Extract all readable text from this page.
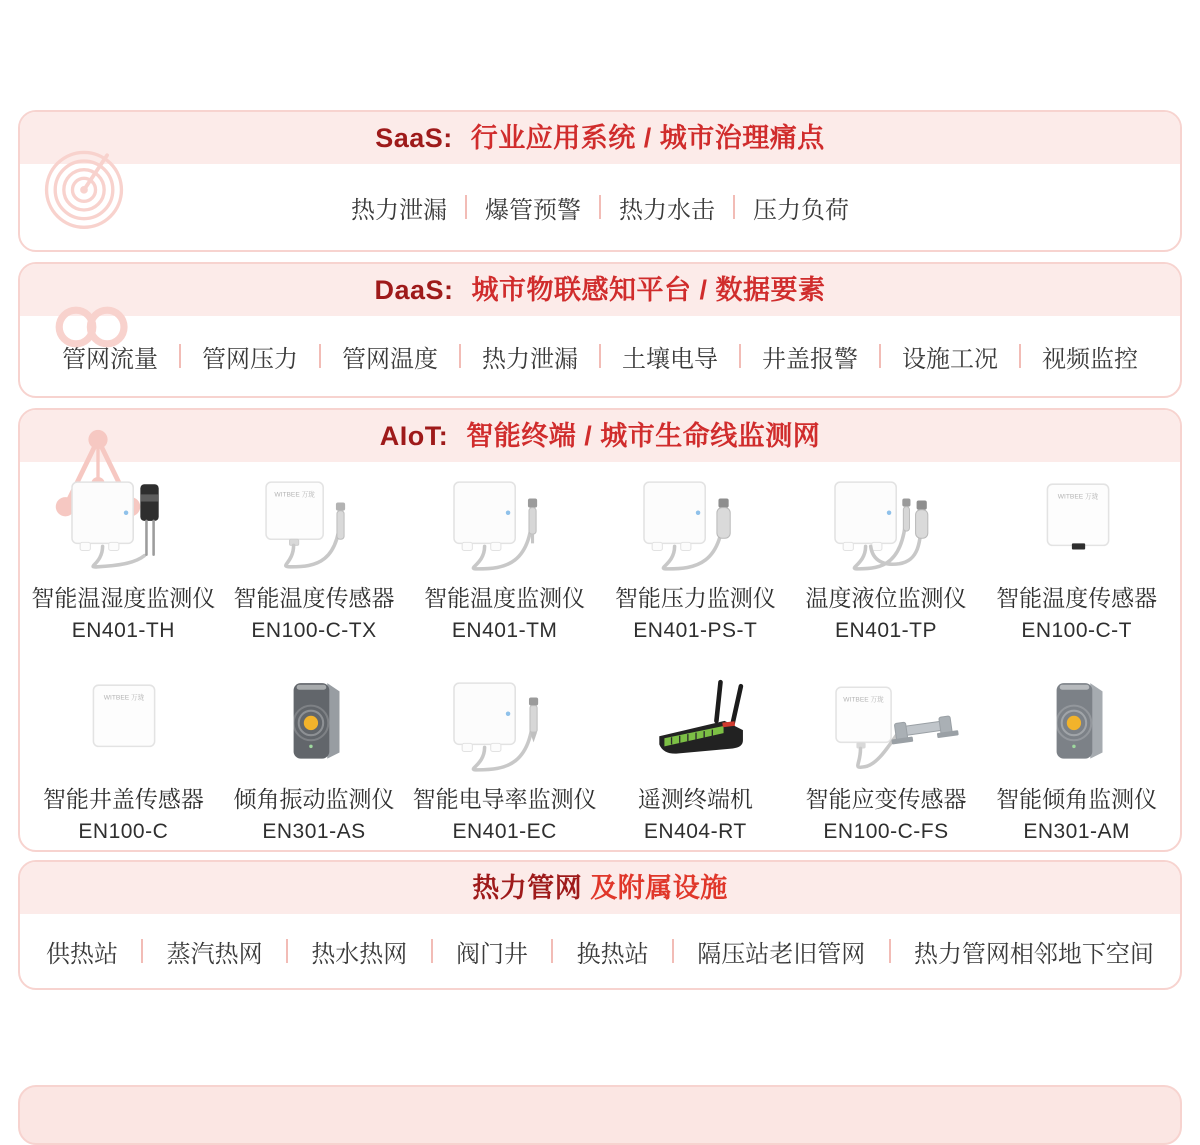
SaaS: 行业应用系统 / 城市治理痛点
热力泄漏 爆管预警 热力水击 压力负荷
DaaS: 城市物联感知平台 / 数据要素
管网流量 管网压力 管网温度 热力泄漏 土壤电导 井盖报警 设施工况 视频监控
AIoT: 智能终端 / 城市生命线监测网
智能温湿度监测仪
EN401-TH
WITBEE 万珑
智能温度传感器
EN100-C-TX
智能温度监测仪
EN401-TM
智能压力监测仪
EN401-PS-T
温度液位监测仪
EN401-TP
WITBEE 万珑
智能温度传感器
EN100-C-T
WITBEE 万珑
智能井盖传感器
EN100-C
倾角振动监测仪
EN301-AS
智能电导率监测仪
EN401-EC
遥测终端机
EN404-RT
WITBEE 万珑
智能应变传感器
EN100-C-FS
智能倾角监测仪
EN301-AM
热力管网 及附属设施
供热站 蒸汽热网 热水热网 阀门井 换热站 隔压站老旧管网 热力管网相邻地下空间
